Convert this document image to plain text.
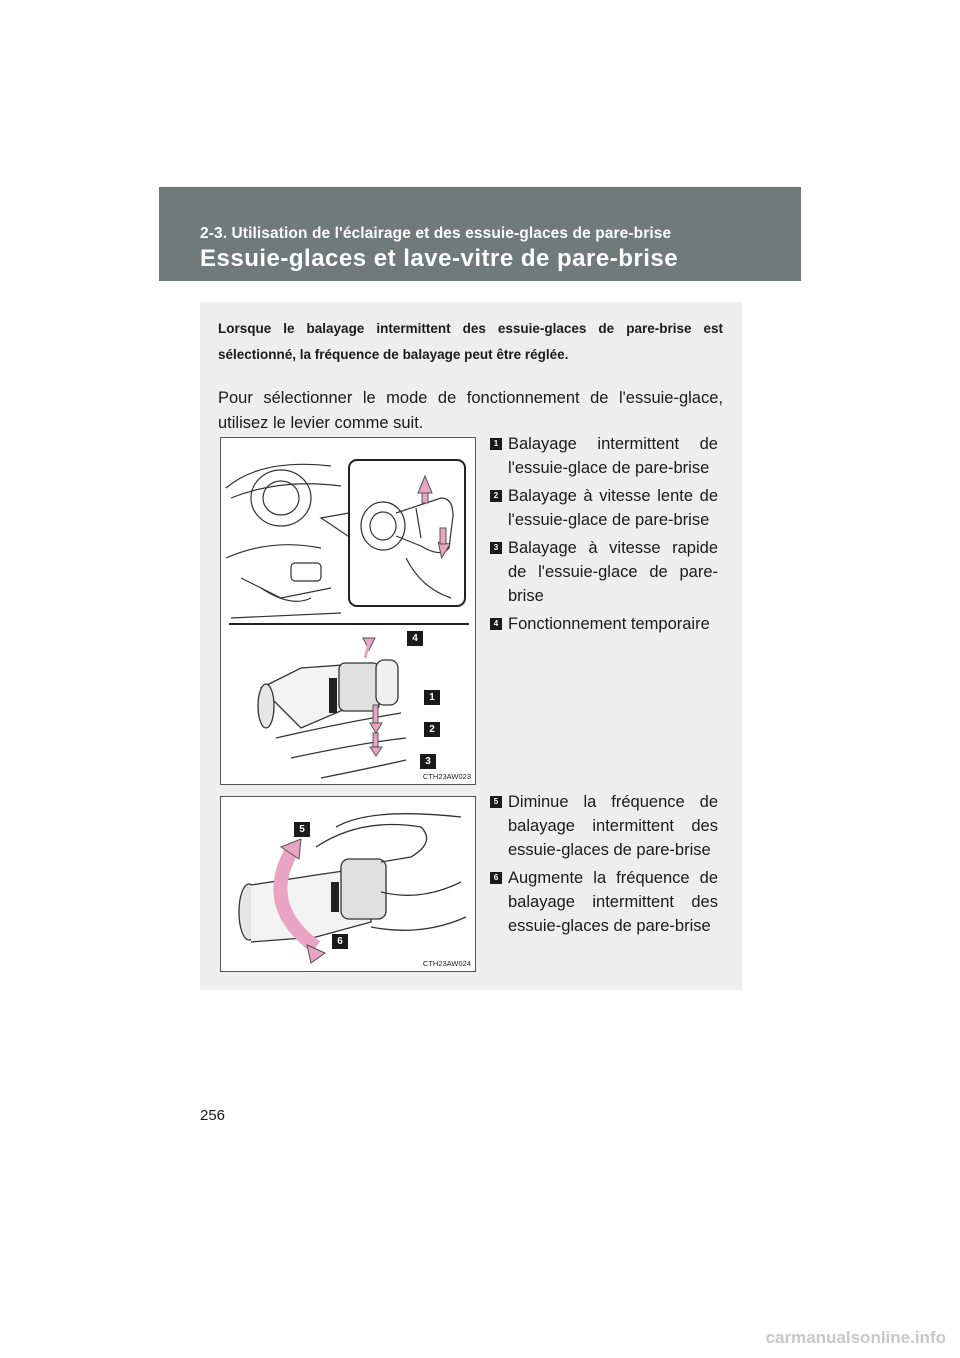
2-3. Utilisation de l'éclairage et des essuie-glaces de pare-brise
Essuie-glaces et lave-vitre de pare-brise
Lorsque le balayage intermittent des essuie-glaces de pare-brise est sélectionné, la fréquence de balayage peut être réglée.
Pour sélectionner le mode de fonctionnement de l'essuie-glace, utilisez le levier comme suit.
4
1
2
3
CTH23AW023
1 Balayage intermittent de l'essuie-glace de pare-brise
2 Balayage à vitesse lente de l'essuie-glace de pare-brise
3 Balayage à vitesse rapide de l'essuie-glace de pare-brise
4 Fonctionnement temporaire
5
6
CTH23AW024
5 Diminue la fréquence de balayage intermittent des essuie-glaces de pare-brise
6 Augmente la fréquence de balayage intermittent des essuie-glaces de pare-brise
256
carmanualsonline.info
